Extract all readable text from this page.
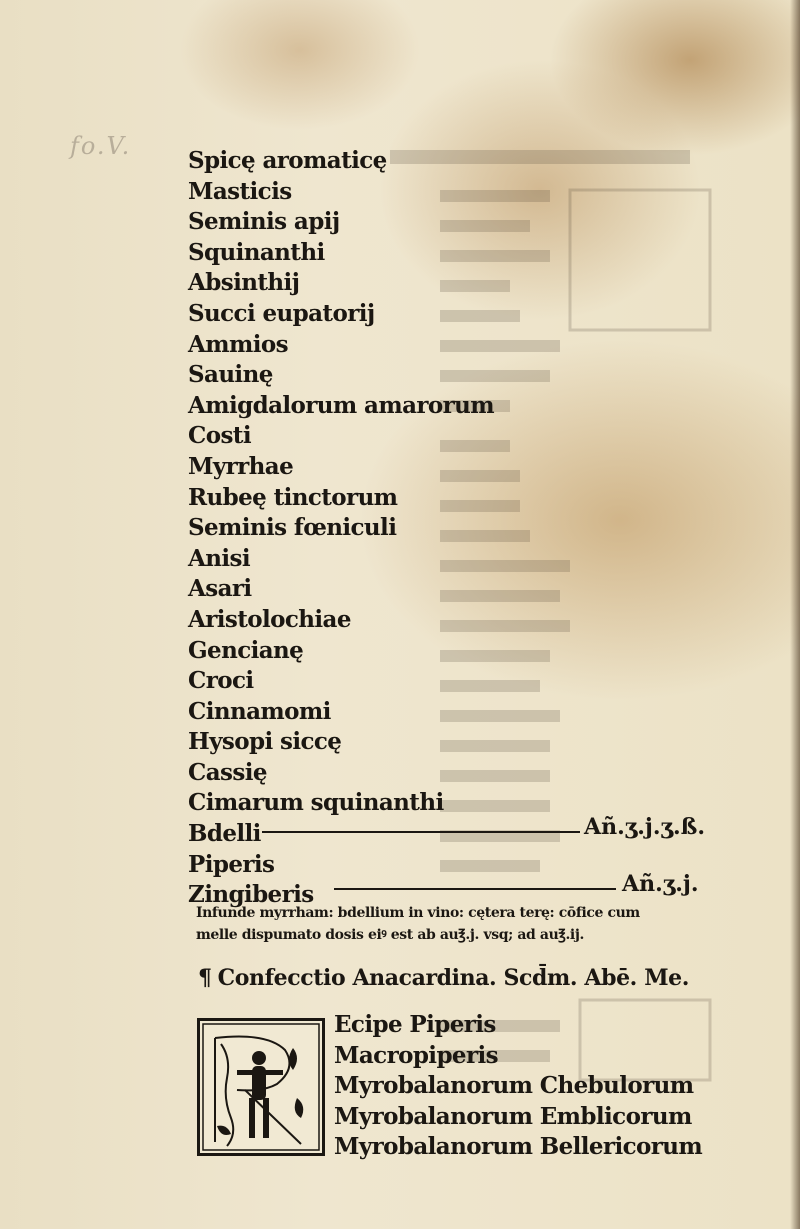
fo.V.
Spicę aromaticę
Masticis
Seminis apij
Squinanthi
Absinthij
Succi eupatorij
Ammios
Sauinę
Amigdalorum amarorum
Costi
Myrrhae
Rubeę tinctorum
Seminis fœniculi
Anisi
Asari
Aristolochiae
Gencianę
Croci
Cinnamomi
Hysopi siccę
Cassię
Cimarum squinanthi
Bdelli
Piperis
Zingiberis
Añ.ʒ.j.ʒ.ß.
Añ.ʒ.j.
Infunde myrrham: bdellium in vino: cętera terę: cōfice cum
melle dispumato dosis eiꝰ est ab au℥.j. vsq; ad au℥.ij.
¶ Confecctio Anacardina. Scd̄m. Abē. Me.
Ecipe Piperis
Macropiperis
Myrobalanorum Chebulorum
Myrobalanorum Emblicorum
Myrobalanorum Bellericorum
